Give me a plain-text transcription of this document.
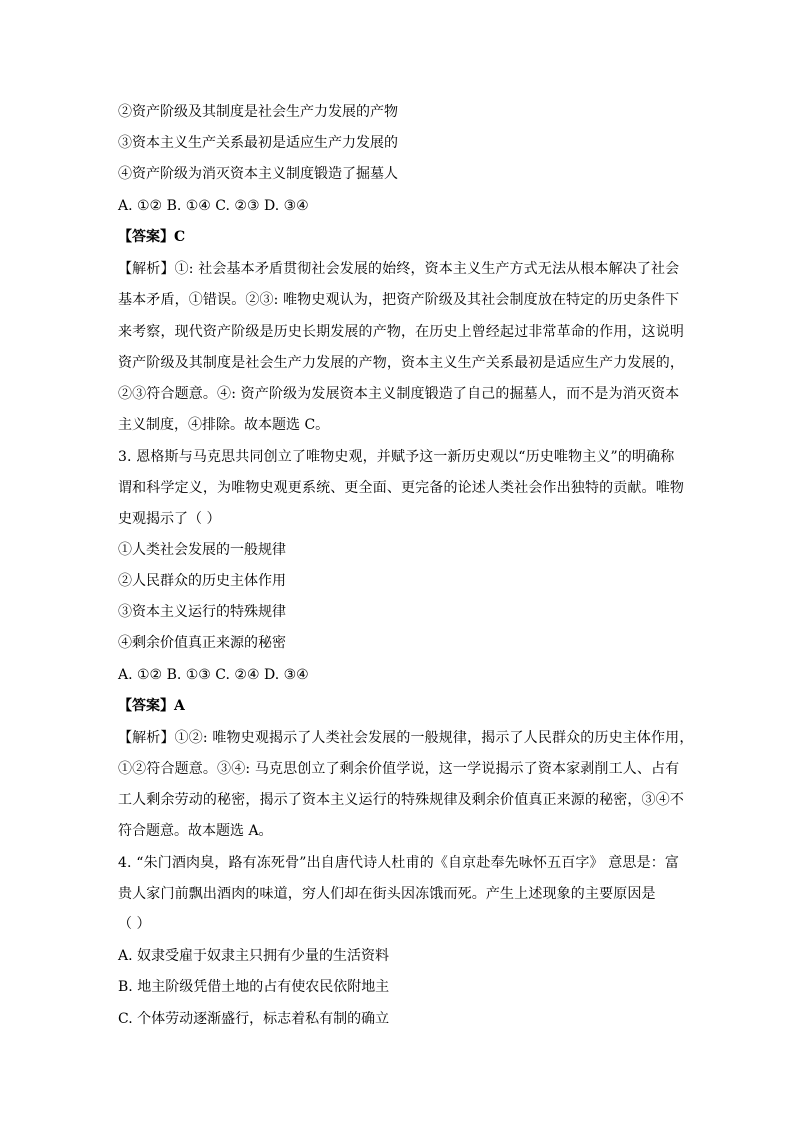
②资产阶级及其制度是社会生产力发展的产物
③资本主义生产关系最初是适应生产力发展的
④资产阶级为消灭资本主义制度锻造了掘墓人
A. ①② B. ①④ C. ②③ D. ③④
【答案】C
【解析】①: 社会基本矛盾贯彻社会发展的始终，资本主义生产方式无法从根本解决了社会
基本矛盾，①错误。②③: 唯物史观认为，把资产阶级及其社会制度放在特定的历史条件下
来考察，现代资产阶级是历史长期发展的产物，在历史上曾经起过非常革命的作用，这说明
资产阶级及其制度是社会生产力发展的产物，资本主义生产关系最初是适应生产力发展的，
②③符合题意。④: 资产阶级为发展资本主义制度锻造了自己的掘墓人，而不是为消灭资本
主义制度，④排除。故本题选 C。
3. 恩格斯与马克思共同创立了唯物史观，并赋予这一新历史观以“历史唯物主义”的明确称
谓和科学定义，为唯物史观更系统、更全面、更完备的论述人类社会作出独特的贡献。唯物
史观揭示了（ ）
①人类社会发展的一般规律
②人民群众的历史主体作用
③资本主义运行的特殊规律
④剩余价值真正来源的秘密
A. ①② B. ①③ C. ②④ D. ③④
【答案】A
【解析】①②: 唯物史观揭示了人类社会发展的一般规律，揭示了人民群众的历史主体作用，
①②符合题意。③④: 马克思创立了剩余价值学说，这一学说揭示了资本家剥削工人、占有
工人剩余劳动的秘密，揭示了资本主义运行的特殊规律及剩余价值真正来源的秘密，③④不
符合题意。故本题选 A。
4. “朱门酒肉臭，路有冻死骨”出自唐代诗人杜甫的《自京赴奉先咏怀五百字》 意思是：富
贵人家门前飘出酒肉的味道，穷人们却在街头因冻饿而死。产生上述现象的主要原因是
（ ）
A. 奴隶受雇于奴隶主只拥有少量的生活资料
B. 地主阶级凭借土地的占有使农民依附地主
C. 个体劳动逐渐盛行，标志着私有制的确立
